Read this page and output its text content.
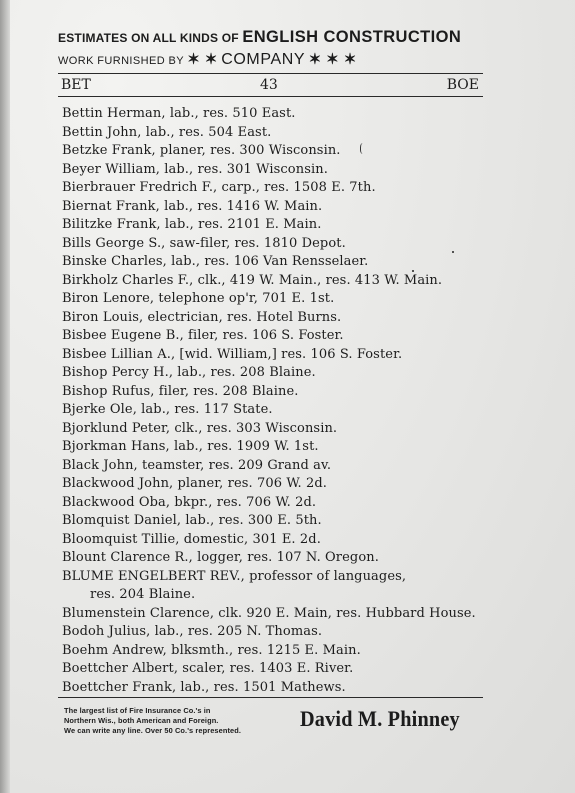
ESTIMATES ON ALL KINDS OF ENGLISH CONSTRUCTION
WORK FURNISHED BY ✶ ✶ COMPANY ✶ ✶ ✶
BET	43	BOE
Bettin Herman, lab., res. 510 East.
Bettin John, lab., res. 504 East.
Betzke Frank, planer, res. 300 Wisconsin.
Beyer William, lab., res. 301 Wisconsin.
Bierbrauer Fredrich F., carp., res. 1508 E. 7th.
Biernat Frank, lab., res. 1416 W. Main.
Bilitzke Frank, lab., res. 2101 E. Main.
Bills George S., saw-filer, res. 1810 Depot.
Binske Charles, lab., res. 106 Van Rensselaer.
Birkholz Charles F., clk., 419 W. Main., res. 413 W. Main.
Biron Lenore, telephone op'r, 701 E. 1st.
Biron Louis, electrician, res. Hotel Burns.
Bisbee Eugene B., filer, res. 106 S. Foster.
Bisbee Lillian A., [wid. William,] res. 106 S. Foster.
Bishop Percy H., lab., res. 208 Blaine.
Bishop Rufus, filer, res. 208 Blaine.
Bjerke Ole, lab., res. 117 State.
Bjorklund Peter, clk., res. 303 Wisconsin.
Bjorkman Hans, lab., res. 1909 W. 1st.
Black John, teamster, res. 209 Grand av.
Blackwood John, planer, res. 706 W. 2d.
Blackwood Oba, bkpr., res. 706 W. 2d.
Blomquist Daniel, lab., res. 300 E. 5th.
Bloomquist Tillie, domestic, 301 E. 2d.
Blount Clarence R., logger, res. 107 N. Oregon.
BLUME ENGELBERT REV., professor of languages,
res. 204 Blaine.
Blumenstein Clarence, clk. 920 E. Main, res. Hubbard House.
Bodoh Julius, lab., res. 205 N. Thomas.
Boehm Andrew, blksmth., res. 1215 E. Main.
Boettcher Albert, scaler, res. 1403 E. River.
Boettcher Frank, lab., res. 1501 Mathews.
The largest list of Fire Insurance Co.'s in
Northern Wis., both American and Foreign.
We can write any line. Over 50 Co.'s represented.	David M. Phinney
